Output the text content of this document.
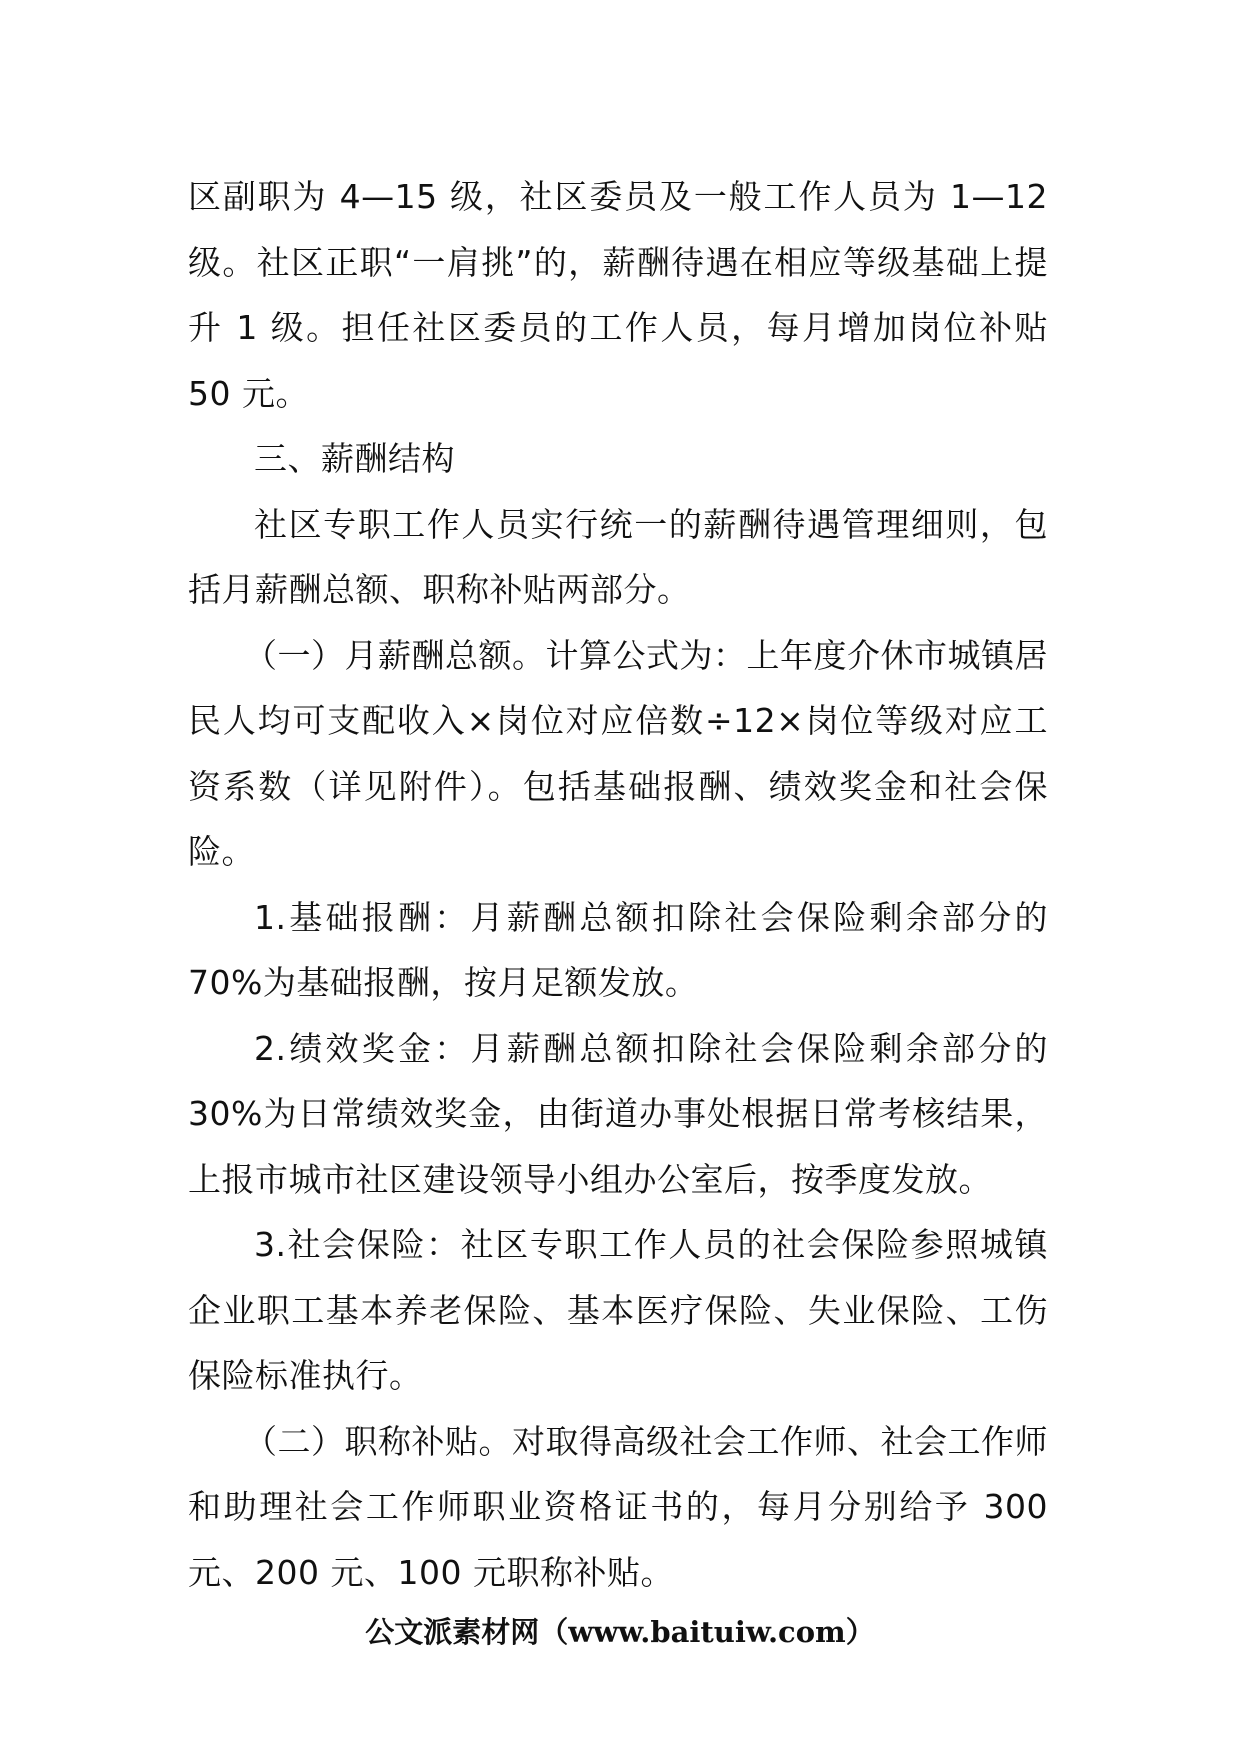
区副职为 4—15 级，社区委员及一般工作人员为 1—12 级。社区正职“一肩挑”的，薪酬待遇在相应等级基础上提升 1 级。担任社区委员的工作人员，每月增加岗位补贴 50 元。

三、薪酬结构

社区专职工作人员实行统一的薪酬待遇管理细则，包括月薪酬总额、职称补贴两部分。

（一）月薪酬总额。计算公式为：上年度介休市城镇居民人均可支配收入×岗位对应倍数÷12×岗位等级对应工资系数（详见附件）。包括基础报酬、绩效奖金和社会保险。

1.基础报酬：月薪酬总额扣除社会保险剩余部分的 70%为基础报酬，按月足额发放。

2.绩效奖金：月薪酬总额扣除社会保险剩余部分的 30%为日常绩效奖金，由街道办事处根据日常考核结果，上报市城市社区建设领导小组办公室后，按季度发放。

3.社会保险：社区专职工作人员的社会保险参照城镇企业职工基本养老保险、基本医疗保险、失业保险、工伤保险标准执行。

（二）职称补贴。对取得高级社会工作师、社会工作师和助理社会工作师职业资格证书的，每月分别给予 300 元、200 元、100 元职称补贴。

公文派素材网（www.baituiw.com）
